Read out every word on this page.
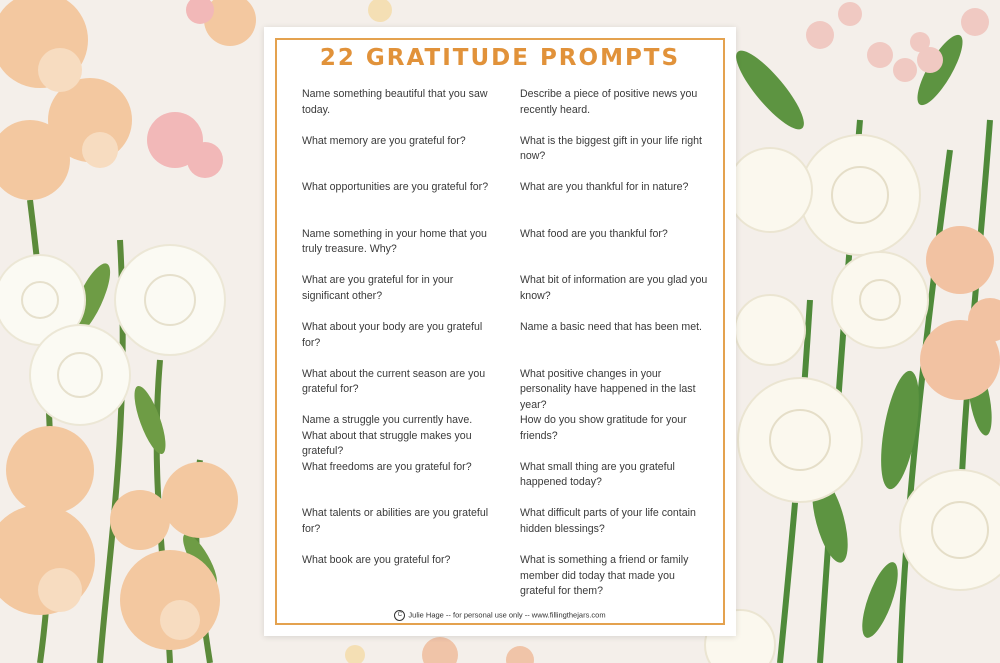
22 GRATITUDE PROMPTS
Name something beautiful that you saw today.
What memory are you grateful for?
What opportunities are you grateful for?
Name something in your home that you truly treasure. Why?
What are you grateful for in your significant other?
What about your body are you grateful for?
What about the current season are you grateful for?
Name a struggle you currently have. What about that struggle makes you grateful?
What freedoms are you grateful for?
What talents or abilities are you grateful for?
What book are you grateful for?
Describe a piece of positive news you recently heard.
What is the biggest gift in your life right now?
What are you thankful for in nature?
What food are you thankful for?
What bit of information are you glad you know?
Name a basic need that has been met.
What positive changes in your personality have happened in the last year?
How do you show gratitude for your friends?
What small thing are you grateful happened today?
What difficult parts of your life contain hidden blessings?
What is something a friend or family member did today that made you grateful for them?
C Julie Hage -- for personal use only -- www.fillingthejars.com
